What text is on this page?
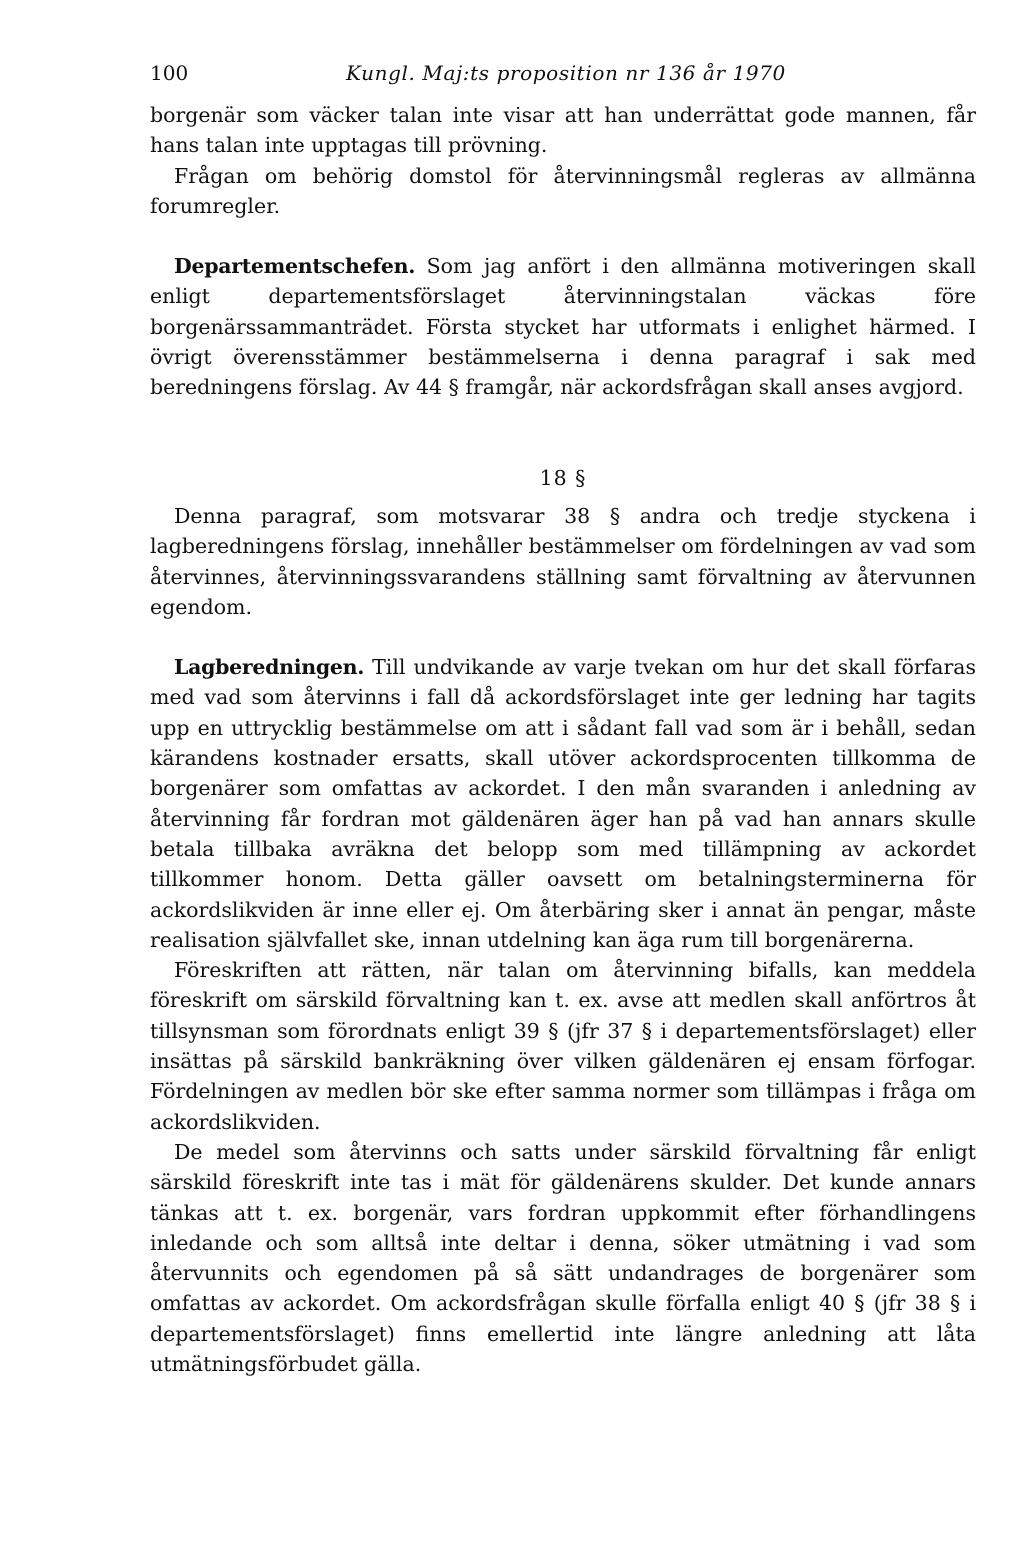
100	Kungl. Maj:ts proposition nr 136 år 1970

borgenär som väcker talan inte visar att han underrättat gode mannen, får hans talan inte upptagas till prövning.

Frågan om behörig domstol för återvinningsmål regleras av allmänna forumregler.

Departementschefen. Som jag anfört i den allmänna motiveringen skall enligt departementsförslaget återvinningstalan väckas före borgenärssammanträdet. Första stycket har utformats i enlighet härmed. I övrigt överensstämmer bestämmelserna i denna paragraf i sak med beredningens förslag. Av 44 § framgår, när ackordsfrågan skall anses avgjord.

18 §

Denna paragraf, som motsvarar 38 § andra och tredje styckena i lagberedningens förslag, innehåller bestämmelser om fördelningen av vad som återvinnes, återvinningssvarandens ställning samt förvaltning av återvunnen egendom.

Lagberedningen. Till undvikande av varje tvekan om hur det skall förfaras med vad som återvinns i fall då ackordsförslaget inte ger ledning har tagits upp en uttrycklig bestämmelse om att i sådant fall vad som är i behåll, sedan kärandens kostnader ersatts, skall utöver ackordsprocenten tillkomma de borgenärer som omfattas av ackordet. I den mån svaranden i anledning av återvinning får fordran mot gäldenären äger han på vad han annars skulle betala tillbaka avräkna det belopp som med tillämpning av ackordet tillkommer honom. Detta gäller oavsett om betalningsterminerna för ackordslikviden är inne eller ej. Om återbäring sker i annat än pengar, måste realisation självfallet ske, innan utdelning kan äga rum till borgenärerna.

Föreskriften att rätten, när talan om återvinning bifalls, kan meddela föreskrift om särskild förvaltning kan t. ex. avse att medlen skall anförtros åt tillsynsman som förordnats enligt 39 § (jfr 37 § i departementsförslaget) eller insättas på särskild bankräkning över vilken gäldenären ej ensam förfogar. Fördelningen av medlen bör ske efter samma normer som tillämpas i fråga om ackordslikviden.

De medel som återvinns och satts under särskild förvaltning får enligt särskild föreskrift inte tas i mät för gäldenärens skulder. Det kunde annars tänkas att t. ex. borgenär, vars fordran uppkommit efter förhandlingens inledande och som alltså inte deltar i denna, söker utmätning i vad som återvunnits och egendomen på så sätt undandrages de borgenärer som omfattas av ackordet. Om ackordsfrågan skulle förfalla enligt 40 § (jfr 38 § i departementsförslaget) finns emellertid inte längre anledning att låta utmätningsförbudet gälla.
